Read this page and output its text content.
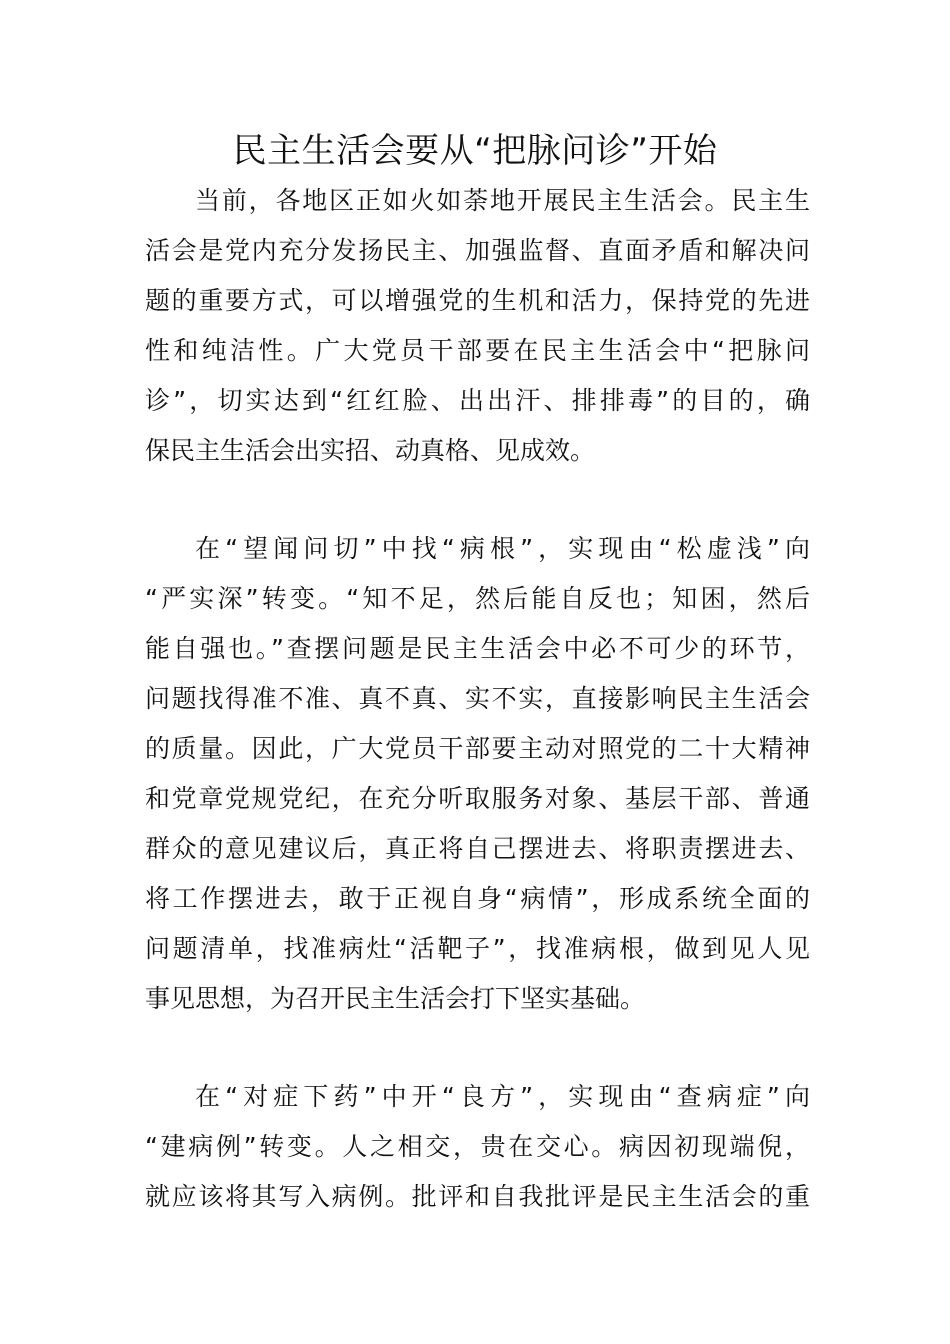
民主生活会要从“把脉问诊”开始
当前，各地区正如火如荼地开展民主生活会。民主生
活会是党内充分发扬民主、加强监督、直面矛盾和解决问
题的重要方式，可以增强党的生机和活力，保持党的先进
性和纯洁性。广大党员干部要在民主生活会中“把脉问
诊”，切实达到“红红脸、出出汗、排排毒”的目的，确
保民主生活会出实招、动真格、见成效。
在“望闻问切”中找“病根”，实现由“松虚浅”向
“严实深”转变。“知不足，然后能自反也；知困，然后
能自强也。”查摆问题是民主生活会中必不可少的环节，
问题找得准不准、真不真、实不实，直接影响民主生活会
的质量。因此，广大党员干部要主动对照党的二十大精神
和党章党规党纪，在充分听取服务对象、基层干部、普通
群众的意见建议后，真正将自己摆进去、将职责摆进去、
将工作摆进去，敢于正视自身“病情”，形成系统全面的
问题清单，找准病灶“活靶子”，找准病根，做到见人见
事见思想，为召开民主生活会打下坚实基础。
在“对症下药”中开“良方”，实现由“查病症”向
“建病例”转变。人之相交，贵在交心。病因初现端倪，
就应该将其写入病例。批评和自我批评是民主生活会的重
